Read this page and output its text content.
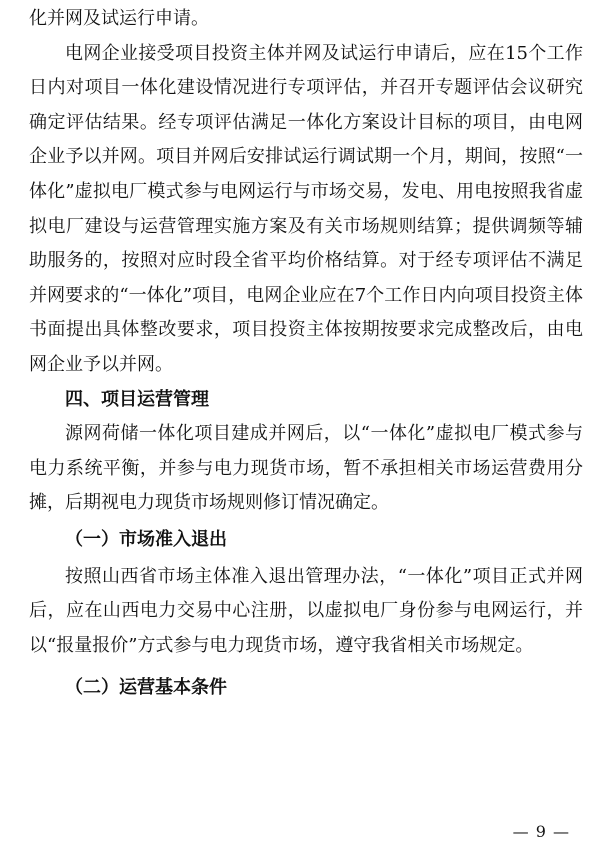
化并网及试运行申请。

电网企业接受项目投资主体并网及试运行申请后，应在15个工作日内对项目一体化建设情况进行专项评估，并召开专题评估会议研究确定评估结果。经专项评估满足一体化方案设计目标的项目，由电网企业予以并网。项目并网后安排试运行调试期一个月，期间，按照“一体化”虚拟电厂模式参与电网运行与市场交易，发电、用电按照我省虚拟电厂建设与运营管理实施方案及有关市场规则结算；提供调频等辅助服务的，按照对应时段全省平均价格结算。对于经专项评估不满足并网要求的“一体化”项目，电网企业应在7个工作日内向项目投资主体书面提出具体整改要求，项目投资主体按期按要求完成整改后，由电网企业予以并网。

四、项目运营管理

源网荷储一体化项目建成并网后，以“一体化”虚拟电厂模式参与电力系统平衡，并参与电力现货市场，暂不承担相关市场运营费用分摊，后期视电力现货市场规则修订情况确定。

（一）市场准入退出

按照山西省市场主体准入退出管理办法，“一体化”项目正式并网后，应在山西电力交易中心注册，以虚拟电厂身份参与电网运行，并以“报量报价”方式参与电力现货市场，遵守我省相关市场规定。

（二）运营基本条件
— 9 —
